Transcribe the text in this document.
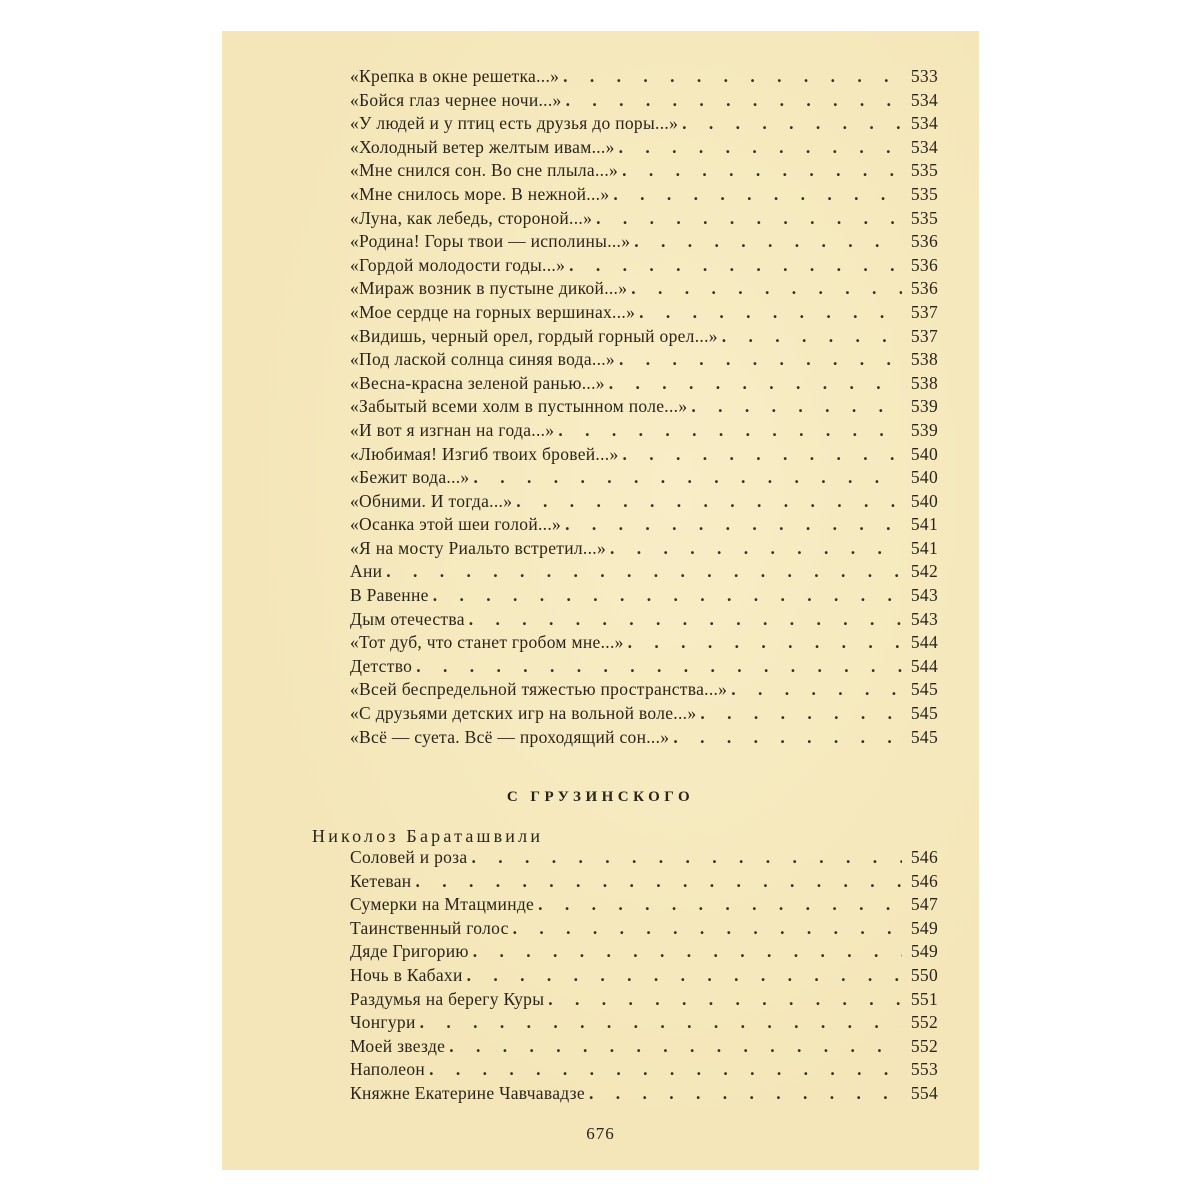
«Крепка в окне решетка...» . . .	533
«Бойся глаз чернее ночи...» . . .	534
«У людей и у птиц есть друзья до поры...» . . .	534
«Холодный ветер желтым ивам...» . . .	534
«Мне снился сон. Во сне плыла...» . . .	535
«Мне снилось море. В нежной...» . . .	535
«Луна, как лебедь, стороной...» . . .	535
«Родина! Горы твои — исполины...» . . .	536
«Гордой молодости годы...» . . .	536
«Мираж возник в пустыне дикой...» . . .	536
«Мое сердце на горных вершинах...» . . .	537
«Видишь, черный орел, гордый горный орел...» . . .	537
«Под лаской солнца синяя вода...» . . .	538
«Весна-красна зеленой ранью...» . . .	538
«Забытый всеми холм в пустынном поле...» . . .	539
«И вот я изгнан на года...» . . .	539
«Любимая! Изгиб твоих бровей...» . . .	540
«Бежит вода...» . . .	540
«Обними. И тогда...» . . .	540
«Осанка этой шеи голой...» . . .	541
«Я на мосту Риальто встретил...» . . .	541
Ани . . .	542
В Равенне . . .	543
Дым отечества . . .	543
«Тот дуб, что станет гробом мне...» . . .	544
Детство . . .	544
«Всей беспредельной тяжестью пространства...» . . .	545
«С друзьями детских игр на вольной воле...» . . .	545
«Всё — суета. Всё — проходящий сон...» . . .	545
С ГРУЗИНСКОГО
Николоз Бараташвили
Соловей и роза . . .	546
Кетеван . . .	546
Сумерки на Мтацминде . . .	547
Таинственный голос . . .	549
Дяде Григорию . . .	549
Ночь в Кабахи . . .	550
Раздумья на берегу Куры . . .	551
Чонгури . . .	552
Моей звезде . . .	552
Наполеон . . .	553
Княжне Екатерине Чавчавадзе . . .	554
676
